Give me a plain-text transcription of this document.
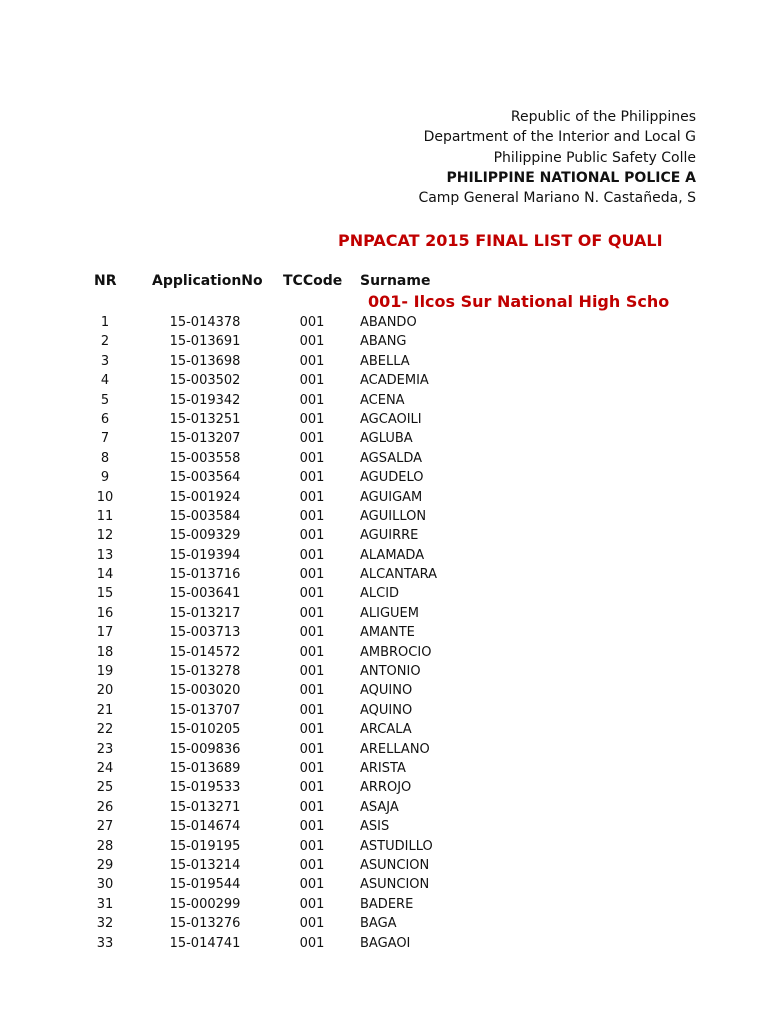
Republic of the Philippines
Department of the Interior and Local G
Philippine Public Safety Colle
PHILIPPINE NATIONAL POLICE A
Camp General Mariano N. Castañeda, S
PNPACAT 2015 FINAL LIST OF QUALI
NR	ApplicationNo TCCode Surname
001- Ilcos Sur National High Scho
1	15-014378	001	ABANDO
2	15-013691	001	ABANG
3	15-013698	001	ABELLA
4	15-003502	001	ACADEMIA
5	15-019342	001	ACENA
6	15-013251	001	AGCAOILI
7	15-013207	001	AGLUBA
8	15-003558	001	AGSALDA
9	15-003564	001	AGUDELO
10	15-001924	001	AGUIGAM
11	15-003584	001	AGUILLON
12	15-009329	001	AGUIRRE
13	15-019394	001	ALAMADA
14	15-013716	001	ALCANTARA
15	15-003641	001	ALCID
16	15-013217	001	ALIGUEM
17	15-003713	001	AMANTE
18	15-014572	001	AMBROCIO
19	15-013278	001	ANTONIO
20	15-003020	001	AQUINO
21	15-013707	001	AQUINO
22	15-010205	001	ARCALA
23	15-009836	001	ARELLANO
24	15-013689	001	ARISTA
25	15-019533	001	ARROJO
26	15-013271	001	ASAJA
27	15-014674	001	ASIS
28	15-019195	001	ASTUDILLO
29	15-013214	001	ASUNCION
30	15-019544	001	ASUNCION
31	15-000299	001	BADERE
32	15-013276	001	BAGA
33	15-014741	001	BAGAOI
